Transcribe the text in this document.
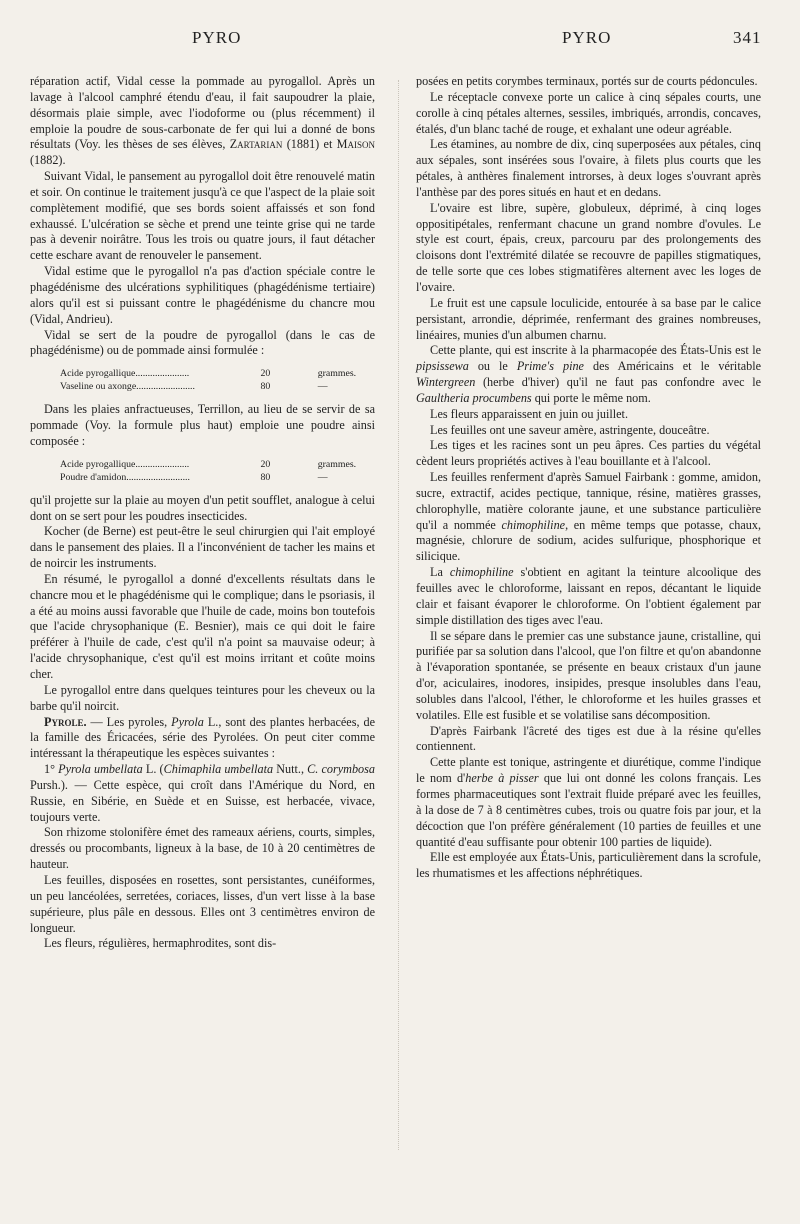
PYRO	PYRO	341

réparation actif, Vidal cesse la pommade au pyrogallol. Après un lavage à l'alcool camphré étendu d'eau, il fait saupoudrer la plaie, désormais plaie simple, avec l'iodoforme ou (plus récemment) il emploie la poudre de sous-carbonate de fer qui lui a donné de bons résultats (Voy. les thèses de ses élèves, Zartarian (1881) et Maison (1882).

Suivant Vidal, le pansement au pyrogallol doit être renouvelé matin et soir. On continue le traitement jusqu'à ce que l'aspect de la plaie soit complètement modifié, que ses bords soient affaissés et son fond exhaussé. L'ulcération se sèche et prend une teinte grise qui ne tarde pas à devenir noirâtre. Tous les trois ou quatre jours, il faut détacher cette eschare avant de renouveler le pansement.

Vidal estime que le pyrogallol n'a pas d'action spéciale contre le phagédénisme des ulcérations syphilitiques (phagédénisme tertiaire) alors qu'il est si puissant contre le phagédénisme du chancre mou (Vidal, Andrieu).

Vidal se sert de la poudre de pyrogallol (dans le cas de phagédénisme) ou de pommade ainsi formulée :

Acide pyrogallique......................	20	grammes.
Vaseline ou axonge........................	80	—

Dans les plaies anfractueuses, Terrillon, au lieu de se servir de sa pommade (Voy. la formule plus haut) emploie une poudre ainsi composée :

Acide pyrogallique......................	20	grammes.
Poudre d'amidon..........................	80	—

qu'il projette sur la plaie au moyen d'un petit soufflet, analogue à celui dont on se sert pour les poudres insecticides.

Kocher (de Berne) est peut-être le seul chirurgien qui l'ait employé dans le pansement des plaies. Il a l'inconvénient de tacher les mains et de noircir les instruments.

En résumé, le pyrogallol a donné d'excellents résultats dans le chancre mou et le phagédénisme qui le complique; dans le psoriasis, il a été au moins aussi favorable que l'huile de cade, moins bon toutefois que l'acide chrysophanique (E. Besnier), mais ce qui doit le faire préférer à l'huile de cade, c'est qu'il n'a point sa mauvaise odeur; à l'acide chrysophanique, c'est qu'il est moins irritant et coûte moins cher.

Le pyrogallol entre dans quelques teintures pour les cheveux ou la barbe qu'il noircit.

Pyrole. — Les pyroles, Pyrola L., sont des plantes herbacées, de la famille des Éricacées, série des Pyrolées. On peut citer comme intéressant la thérapeutique les espèces suivantes :

1° Pyrola umbellata L. (Chimaphila umbellata Nutt., C. corymbosa Pursh.). — Cette espèce, qui croît dans l'Amérique du Nord, en Russie, en Sibérie, en Suède et en Suisse, est herbacée, vivace, toujours verte.

Son rhizome stolonifère émet des rameaux aériens, courts, simples, dressés ou procombants, ligneux à la base, de 10 à 20 centimètres de hauteur.

Les feuilles, disposées en rosettes, sont persistantes, cunéiformes, un peu lancéolées, serretées, coriaces, lisses, d'un vert lisse à la base supérieure, plus pâle en dessous. Elles ont 3 centimètres environ de longueur.

Les fleurs, régulières, hermaphrodites, sont dis-

posées en petits corymbes terminaux, portés sur de courts pédoncules.

Le réceptacle convexe porte un calice à cinq sépales courts, une corolle à cinq pétales alternes, sessiles, imbriqués, arrondis, concaves, étalés, d'un blanc taché de rouge, et exhalant une odeur agréable.

Les étamines, au nombre de dix, cinq superposées aux pétales, cinq aux sépales, sont insérées sous l'ovaire, à filets plus courts que les pétales, à anthères finalement introrses, à deux loges s'ouvrant après l'anthèse par des pores situés en haut et en dedans.

L'ovaire est libre, supère, globuleux, déprimé, à cinq loges oppositipétales, renfermant chacune un grand nombre d'ovules. Le style est court, épais, creux, parcouru par des prolongements des cloisons dont l'extrémité dilatée se recouvre de papilles stigmatiques, de telle sorte que ces lobes stigmatifères alternent avec les loges de l'ovaire.

Le fruit est une capsule loculicide, entourée à sa base par le calice persistant, arrondie, déprimée, renfermant des graines nombreuses, linéaires, munies d'un albumen charnu.

Cette plante, qui est inscrite à la pharmacopée des États-Unis est le pipsissewa ou le Prime's pine des Américains et le véritable Wintergreen (herbe d'hiver) qu'il ne faut pas confondre avec le Gaultheria procumbens qui porte le même nom.

Les fleurs apparaissent en juin ou juillet.

Les feuilles ont une saveur amère, astringente, douceâtre.

Les tiges et les racines sont un peu âpres. Ces parties du végétal cèdent leurs propriétés actives à l'eau bouillante et à l'alcool.

Les feuilles renferment d'après Samuel Fairbank : gomme, amidon, sucre, extractif, acides pectique, tannique, résine, matières grasses, chlorophylle, matière colorante jaune, et une substance particulière qu'il a nommée chimophiline, en même temps que potasse, chaux, magnésie, chlorure de sodium, acides sulfurique, phosphorique et silicique.

La chimophiline s'obtient en agitant la teinture alcoolique des feuilles avec le chloroforme, laissant en repos, décantant le liquide clair et faisant évaporer le chloroforme. On l'obtient également par simple distillation des tiges avec l'eau.

Il se sépare dans le premier cas une substance jaune, cristalline, qui purifiée par sa solution dans l'alcool, que l'on filtre et qu'on abandonne à l'évaporation spontanée, se présente en beaux cristaux d'un jaune d'or, aciculaires, inodores, insipides, presque insolubles dans l'eau, solubles dans l'alcool, l'éther, le chloroforme et les huiles grasses et volatiles. Elle est fusible et se volatilise sans décomposition.

D'après Fairbank l'âcreté des tiges est due à la résine qu'elles contiennent.

Cette plante est tonique, astringente et diurétique, comme l'indique le nom d'herbe à pisser que lui ont donné les colons français. Les formes pharmaceutiques sont l'extrait fluide préparé avec les feuilles, à la dose de 7 à 8 centimètres cubes, trois ou quatre fois par jour, et la décoction que l'on préfère généralement (10 parties de feuilles et une quantité d'eau suffisante pour obtenir 100 parties de liquide).

Elle est employée aux États-Unis, particulièrement dans la scrofule, les rhumatismes et les affections néphrétiques.
